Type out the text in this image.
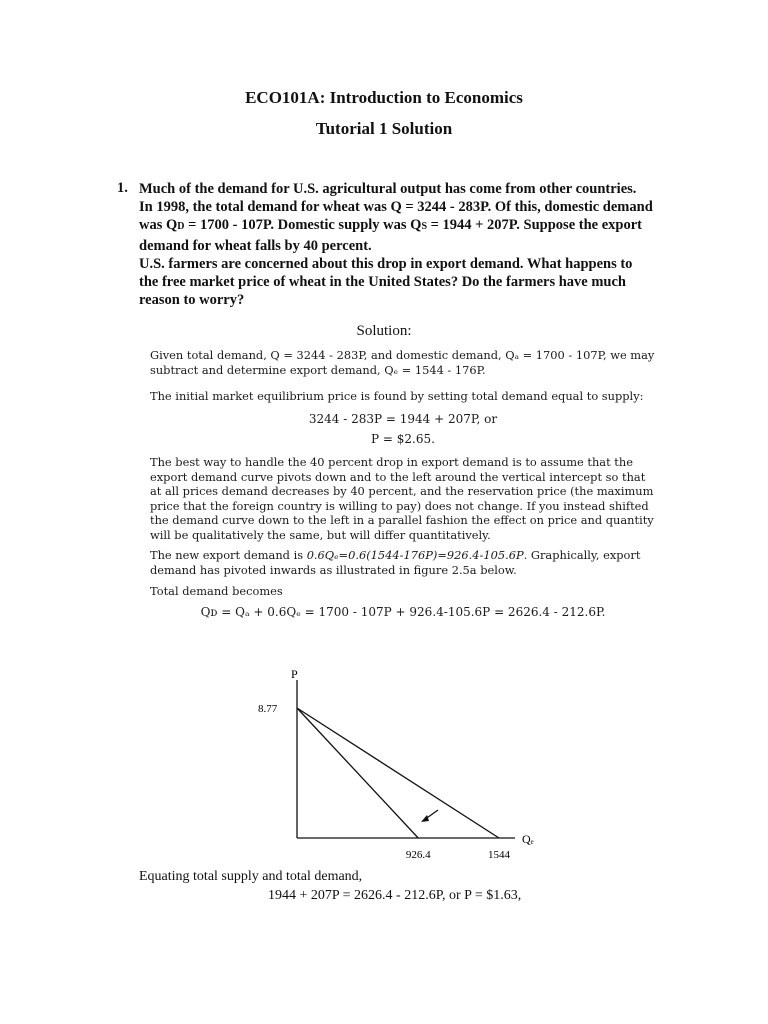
ECO101A: Introduction to Economics
Tutorial 1 Solution
1. Much of the demand for U.S. agricultural output has come from other countries.
In 1998, the total demand for wheat was Q = 3244 - 283P. Of this, domestic demand
was QD = 1700 - 107P. Domestic supply was QS = 1944 + 207P. Suppose the export
demand for wheat falls by 40 percent.
U.S. farmers are concerned about this drop in export demand. What happens to
the free market price of wheat in the United States? Do the farmers have much
reason to worry?
Solution:
Given total demand, Q = 3244 - 283P, and domestic demand, Qₐ = 1700 - 107P, we may
subtract and determine export demand, Qₑ = 1544 - 176P.
The initial market equilibrium price is found by setting total demand equal to supply:
3244 - 283P = 1944 + 207P, or
P = $2.65.
The best way to handle the 40 percent drop in export demand is to assume that the
export demand curve pivots down and to the left around the vertical intercept so that
at all prices demand decreases by 40 percent, and the reservation price (the maximum
price that the foreign country is willing to pay) does not change. If you instead shifted
the demand curve down to the left in a parallel fashion the effect on price and quantity
will be qualitatively the same, but will differ quantitatively.
The new export demand is 0.6Qₑ=0.6(1544-176P)=926.4-105.6P. Graphically, export
demand has pivoted inwards as illustrated in figure 2.5a below.
Total demand becomes
Qᴅ = Qₐ + 0.6Qₑ = 1700 - 107P + 926.4-105.6P = 2626.4 - 212.6P.
P
Qₑ
8.77
926.4	1544
Equating total supply and total demand,
1944 + 207P = 2626.4 - 212.6P, or P = $1.63,
